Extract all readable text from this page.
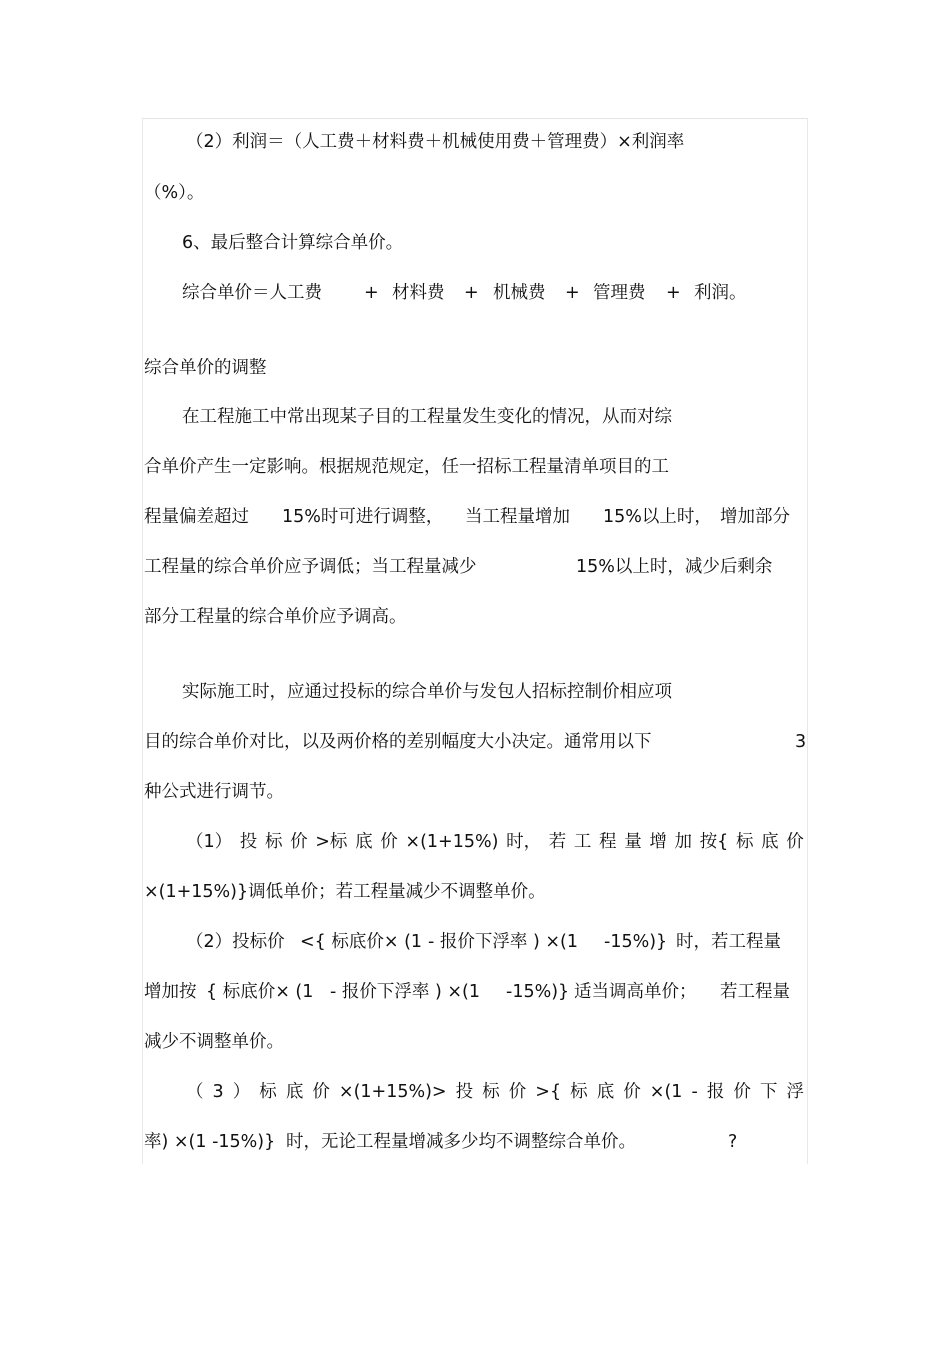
（2）利润＝（人工费＋材料费＋机械使用费＋管理费）×利润率
（%）。
6、最后整合计算综合单价。
综合单价＝人工费 + 材料费 + 机械费 + 管理费 + 利润。
综合单价的调整
在工程施工中常出现某子目的工程量发生变化的情况，从而对综
合单价产生一定影响。根据规范规定，任一招标工程量清单项目的工
程量偏差超过 15%时可进行调整， 当工程量增加 15%以上时， 增加部分
工程量的综合单价应予调低；当工程量减少	15%以上时，减少后剩余
部分工程量的综合单价应予调高。
实际施工时，应通过投标的综合单价与发包人招标控制价相应项
目的综合单价对比，以及两价格的差别幅度大小决定。通常用以下	3
种公式进行调节。
（1） 投 标 价 >标 底 价 ×(1+15%) 时， 若 工 程 量 增 加 按{ 标 底 价
×(1+15%)}调低单价；若工程量减少不调整单价。
（2）投标价 <{ 标底价× (1 - 报价下浮率 ) ×(1 -15%)} 时，若工程量
增加按 { 标底价× (1 - 报价下浮率 ) ×(1 -15%)} 适当调高单价； 若工程量
减少不调整单价。
（ 3 ） 标 底 价 ×(1+15%)> 投 标 价 >{ 标 底 价 ×(1 - 报 价 下 浮
率) ×(1 -15%)} 时，无论工程量增减多少均不调整综合单价。	?
